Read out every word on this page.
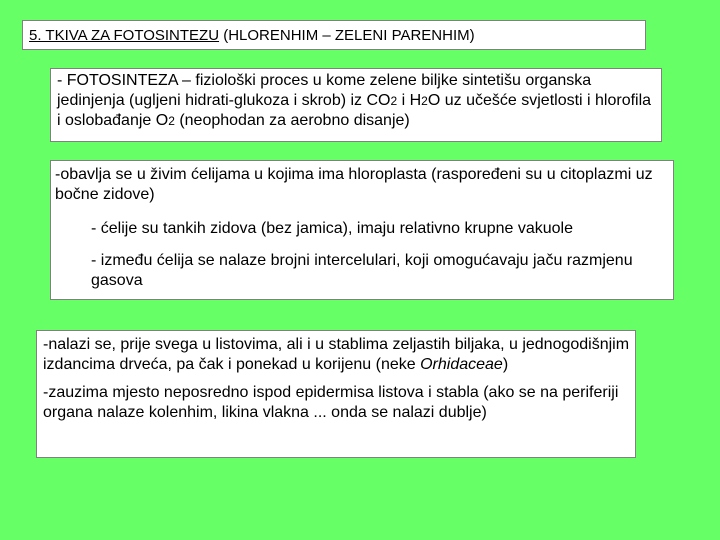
5. TKIVA ZA FOTOSINTEZU (HLORENHIM – ZELENI PARENHIM)

- FOTOSINTEZA – fiziološki proces u kome zelene biljke sintetišu organska jedinjenja (ugljeni hidrati-glukoza i skrob) iz CO2 i H2O uz učešće svjetlosti i hlorofila i oslobađanje O2 (neophodan za aerobno disanje)

-obavlja se u živim ćelijama u kojima ima hloroplasta (raspoređeni su u citoplazmi uz bočne zidove)

- ćelije su tankih zidova (bez jamica), imaju relativno krupne vakuole

- između ćelija se nalaze brojni intercelulari, koji omogućavaju jaču razmjenu gasova

-nalazi se, prije svega u listovima, ali i u stablima zeljastih biljaka, u jednogodišnjim izdancima drveća, pa čak i ponekad u korijenu (neke Orhidaceae)

-zauzima mjesto neposredno ispod epidermisa listova i stabla (ako se na periferiji organa nalaze kolenhim, likina vlakna ... onda se nalazi dublje)
